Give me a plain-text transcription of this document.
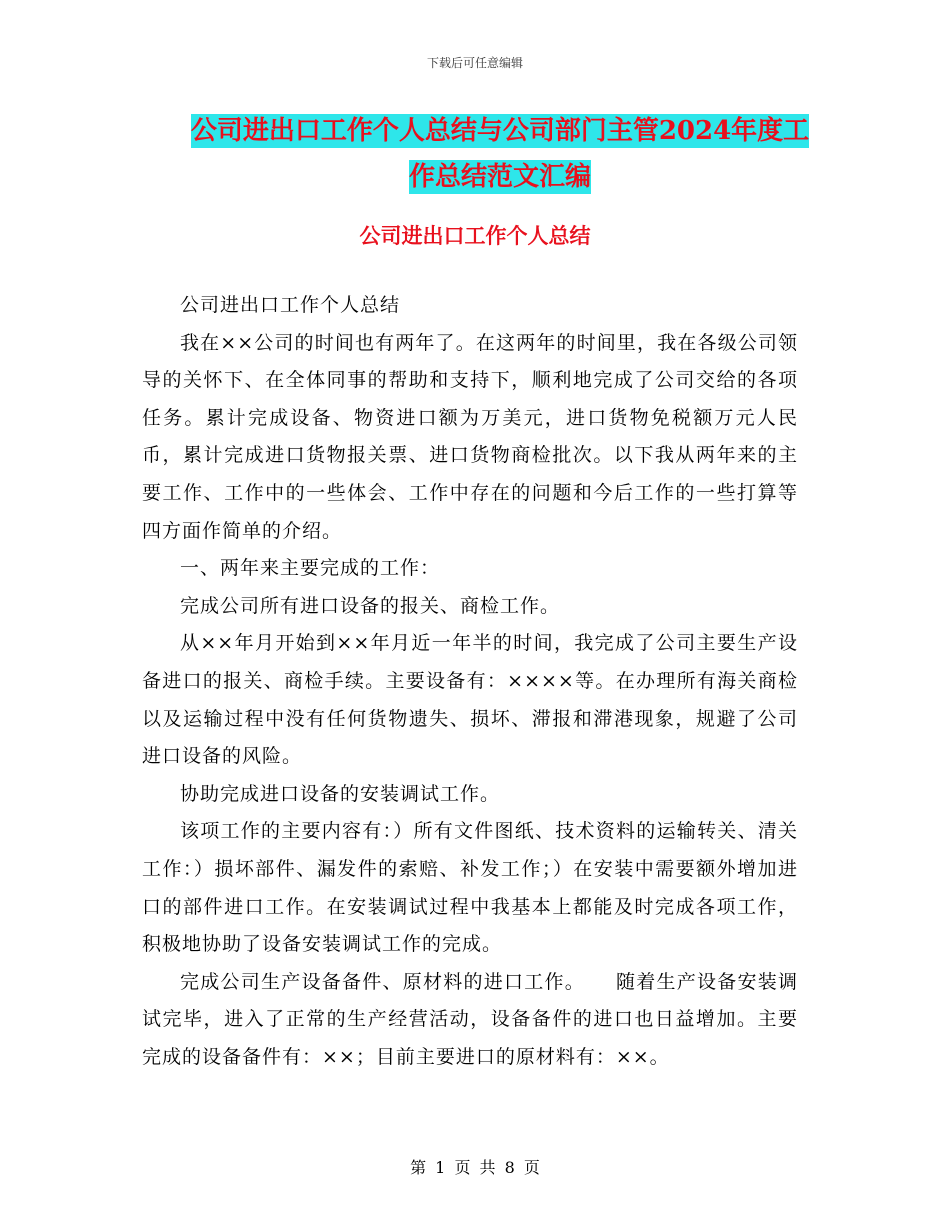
下载后可任意编辑
公司进出口工作个人总结与公司部门主管2024年度工
作总结范文汇编
公司进出口工作个人总结

公司进出口工作个人总结

我在××公司的时间也有两年了。在这两年的时间里，我在各级公司领导的关怀下、在全体同事的帮助和支持下，顺利地完成了公司交给的各项任务。累计完成设备、物资进口额为万美元，进口货物免税额万元人民币，累计完成进口货物报关票、进口货物商检批次。以下我从两年来的主要工作、工作中的一些体会、工作中存在的问题和今后工作的一些打算等四方面作简单的介绍。

一、两年来主要完成的工作：

完成公司所有进口设备的报关、商检工作。

从××年月开始到××年月近一年半的时间，我完成了公司主要生产设备进口的报关、商检手续。主要设备有：××××等。在办理所有海关商检以及运输过程中没有任何货物遗失、损坏、滞报和滞港现象，规避了公司进口设备的风险。

协助完成进口设备的安装调试工作。

该项工作的主要内容有：）所有文件图纸、技术资料的运输转关、清关工作：）损坏部件、漏发件的索赔、补发工作；）在安装中需要额外增加进口的部件进口工作。在安装调试过程中我基本上都能及时完成各项工作，积极地协助了设备安装调试工作的完成。

完成公司生产设备备件、原材料的进口工作。　　随着生产设备安装调试完毕，进入了正常的生产经营活动，设备备件的进口也日益增加。主要完成的设备备件有：××；目前主要进口的原材料有：××。

第 1 页 共 8 页
